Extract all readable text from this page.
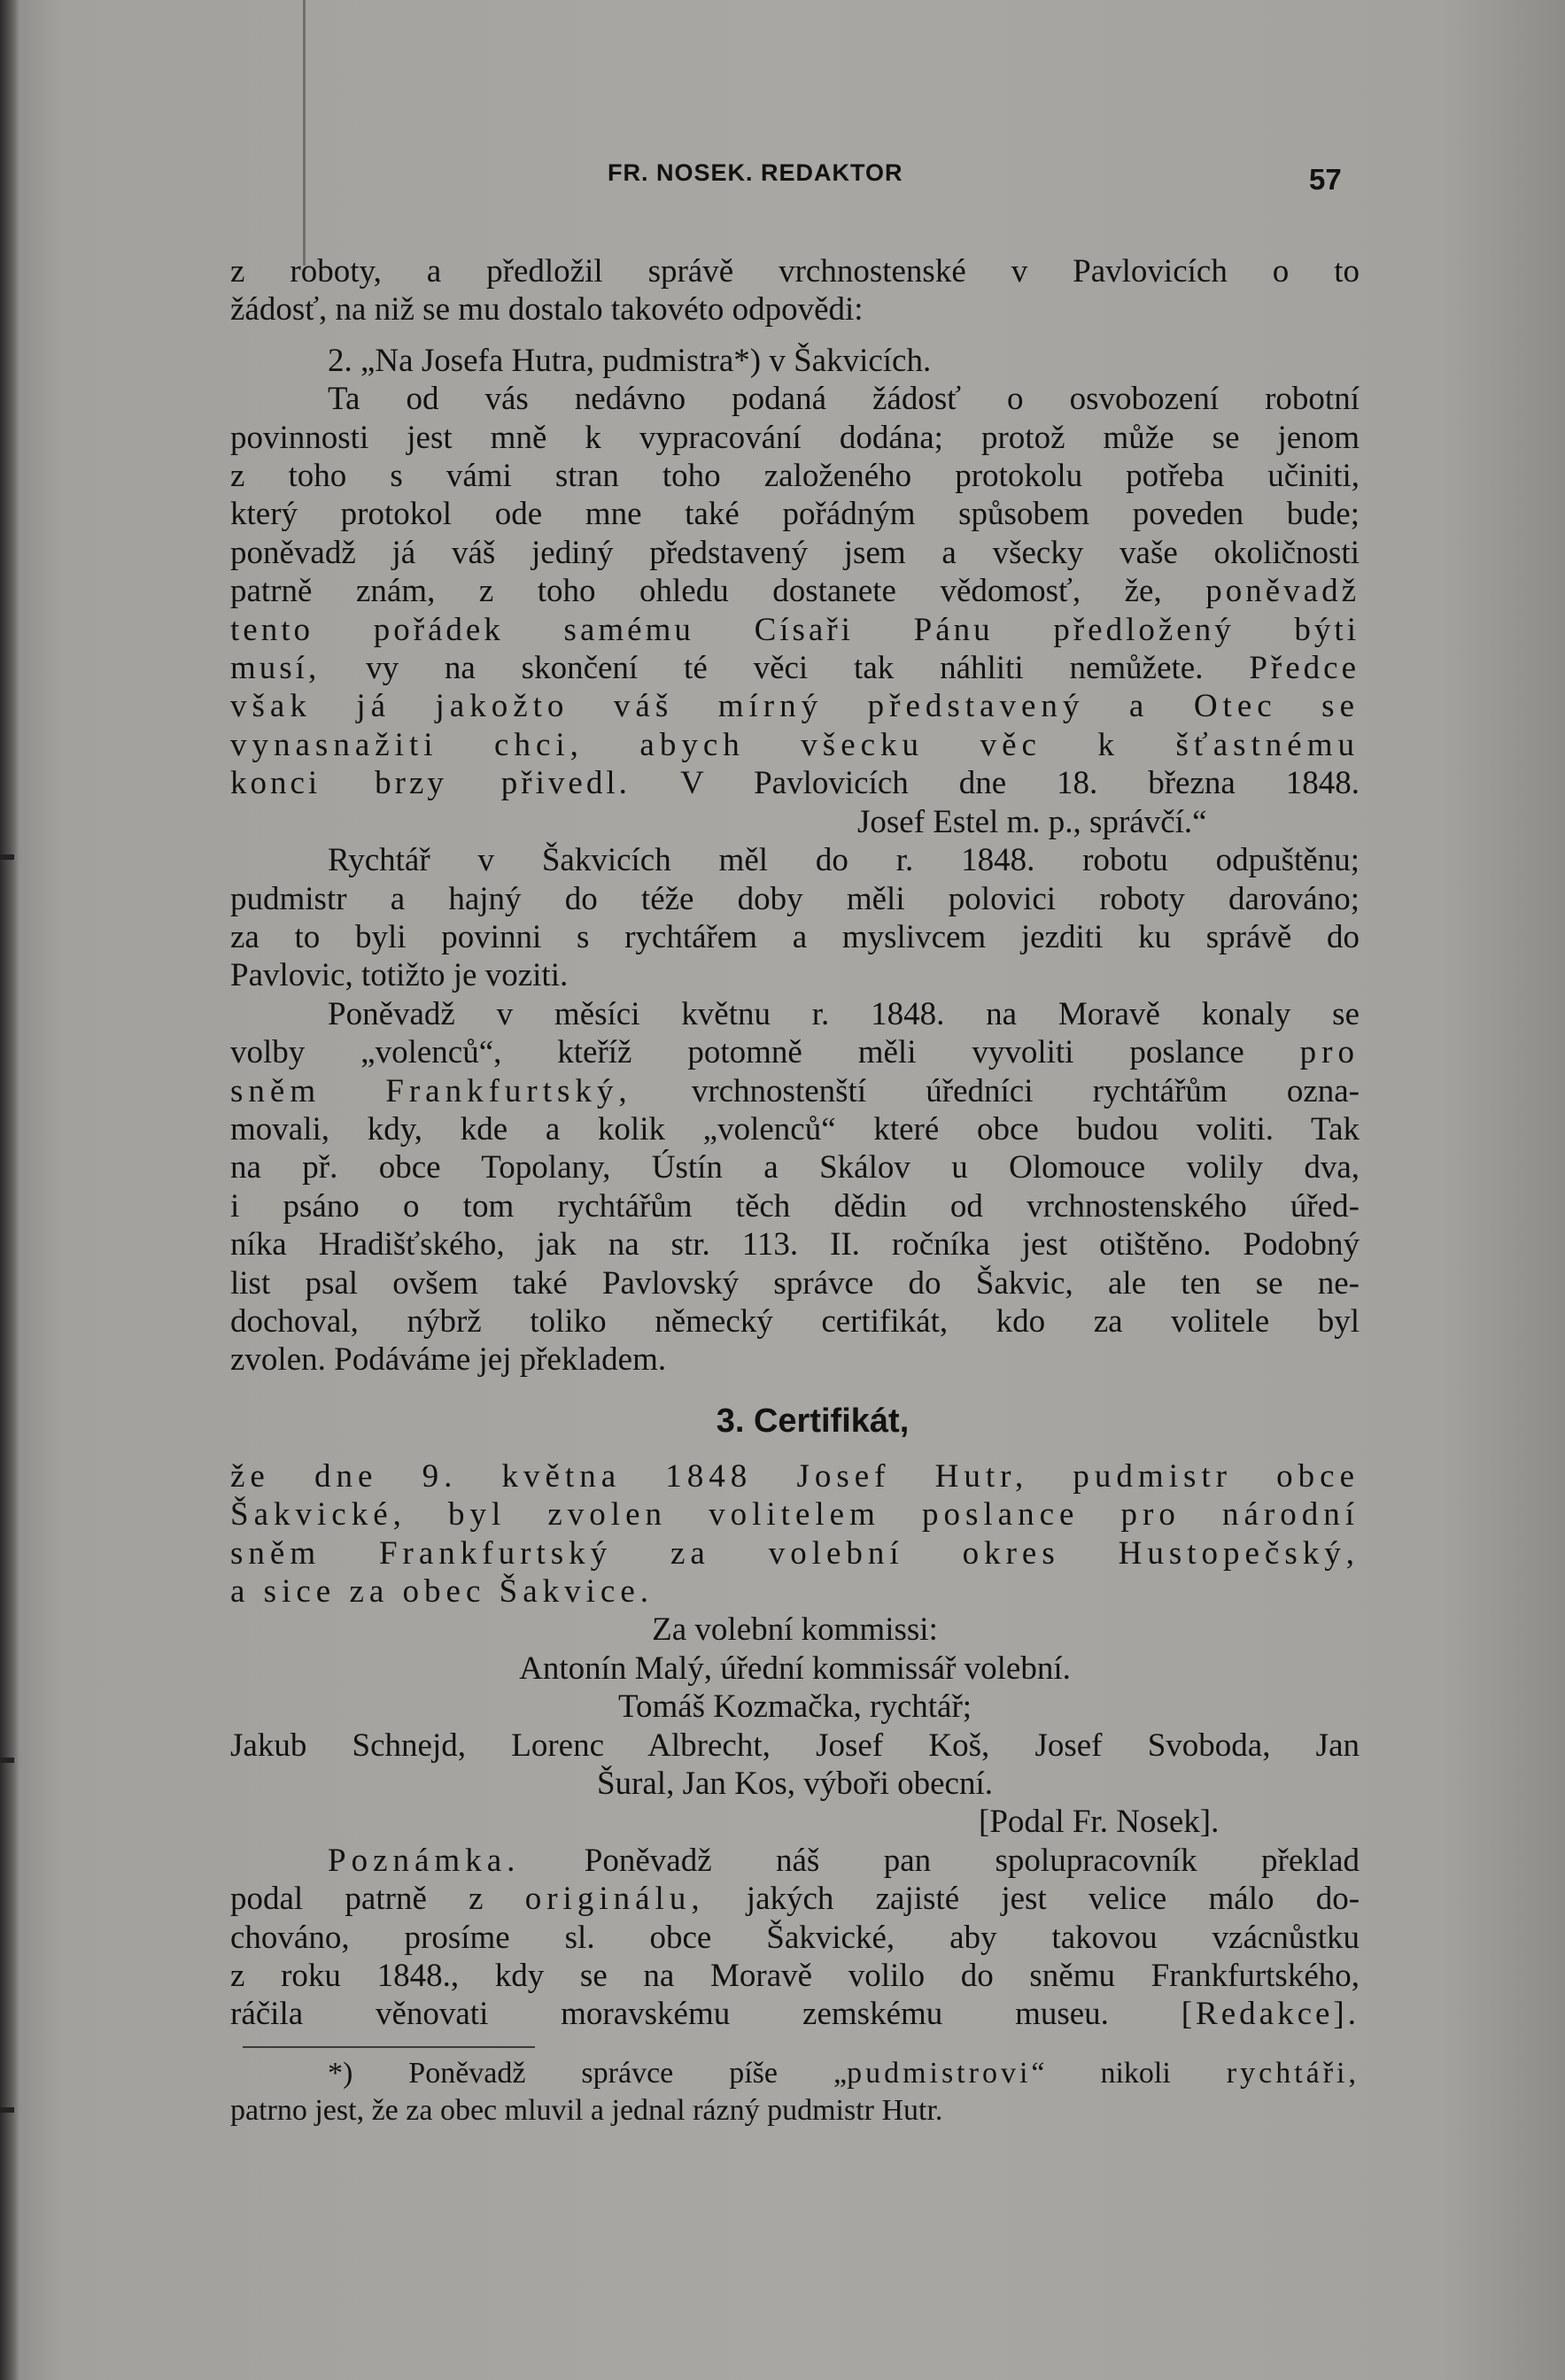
FR. NOSEK. REDAKTOR	57

z roboty, a předložil správě vrchnostenské v Pavlovicích o to

žádosť, na niž se mu dostalo takovéto odpovědi:

2. „Na Josefa Hutra, pudmistra*) v Šakvicích.

Ta od vás nedávno podaná žádosť o osvobození robotní

povinnosti jest mně k vypracování dodána; protož může se jenom

z toho s vámi stran toho založeného protokolu potřeba učiniti,

který protokol ode mne také pořádným spůsobem poveden bude;

poněvadž já váš jediný představený jsem a všecky vaše okoličnosti

patrně znám, z toho ohledu dostanete vědomosť, že, poněvadž

tento pořádek samému Císaři Pánu předložený býti

musí, vy na skončení té věci tak náhliti nemůžete. Předce

však já jakožto váš mírný představený a Otec se

vynasnažiti chci, abych všecku věc k šťastnému

konci brzy přivedl. V Pavlovicích dne 18. března 1848.

Josef Estel m. p., správčí.“

Rychtář v Šakvicích měl do r. 1848. robotu odpuštěnu;

pudmistr a hajný do téže doby měli polovici roboty darováno;

za to byli povinni s rychtářem a myslivcem jezditi ku správě do

Pavlovic, totižto je voziti.

Poněvadž v měsíci květnu r. 1848. na Moravě konaly se

volby „volenců“, kteříž potomně měli vyvoliti poslance pro

sněm Frankfurtský, vrchnostenští úředníci rychtářům ozna-

movali, kdy, kde a kolik „volenců“ které obce budou voliti. Tak

na př. obce Topolany, Ústín a Skálov u Olomouce volily dva,

i psáno o tom rychtářům těch dědin od vrchnostenského úřed-

níka Hradišťského, jak na str. 113. II. ročníka jest otištěno. Podobný

list psal ovšem také Pavlovský správce do Šakvic, ale ten se ne-

dochoval, nýbrž toliko německý certifikát, kdo za volitele byl

zvolen. Podáváme jej překladem.

3. Certifikát,

že dne 9. května 1848 Josef Hutr, pudmistr obce

Šakvické, byl zvolen volitelem poslance pro národní

sněm Frankfurtský za volební okres Hustopečský,

a sice za obec Šakvice.

Za volební kommissi:

Antonín Malý, úřední kommissář volební.

Tomáš Kozmačka, rychtář;

Jakub Schnejd, Lorenc Albrecht, Josef Koš, Josef Svoboda, Jan

Šural, Jan Kos, výboři obecní.

[Podal Fr. Nosek].

Poznámka. Poněvadž náš pan spolupracovník překlad

podal patrně z originálu, jakých zajisté jest velice málo do-

chováno, prosíme sl. obce Šakvické, aby takovou vzácnůstku

z roku 1848., kdy se na Moravě volilo do sněmu Frankfurtského,

ráčila věnovati moravskému zemskému museu. [Redakce].

*) Poněvadž správce píše „pudmistrovi“ nikoli rychtáři,

patrno jest, že za obec mluvil a jednal rázný pudmistr Hutr.
